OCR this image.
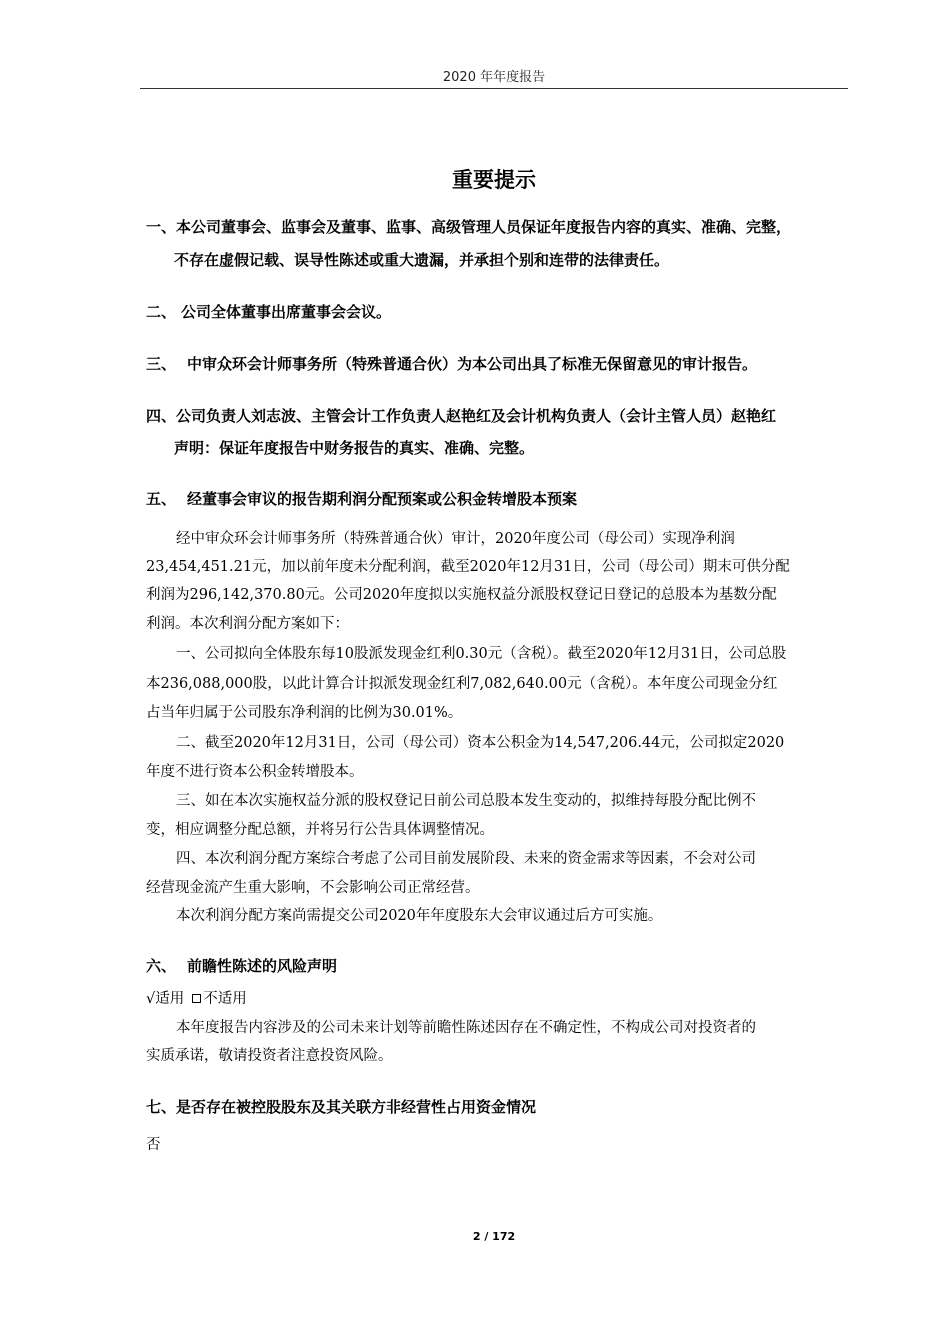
2020 年年度报告
重要提示
一、本公司董事会、监事会及董事、监事、高级管理人员保证年度报告内容的真实、准确、完整，
不存在虚假记载、误导性陈述或重大遗漏，并承担个别和连带的法律责任。
二、 公司全体董事出席董事会会议。
三、 中审众环会计师事务所（特殊普通合伙）为本公司出具了标准无保留意见的审计报告。
四、公司负责人刘志波、主管会计工作负责人赵艳红及会计机构负责人（会计主管人员）赵艳红
声明：保证年度报告中财务报告的真实、准确、完整。
五、 经董事会审议的报告期利润分配预案或公积金转增股本预案
经中审众环会计师事务所（特殊普通合伙）审计，2020年度公司（母公司）实现净利润
23,454,451.21元，加以前年度未分配利润，截至2020年12月31日，公司（母公司）期末可供分配
利润为296,142,370.80元。公司2020年度拟以实施权益分派股权登记日登记的总股本为基数分配
利润。本次利润分配方案如下：
一、公司拟向全体股东每10股派发现金红利0.30元（含税）。截至2020年12月31日，公司总股
本236,088,000股，以此计算合计拟派发现金红利7,082,640.00元（含税）。本年度公司现金分红
占当年归属于公司股东净利润的比例为30.01%。
二、截至2020年12月31日，公司（母公司）资本公积金为14,547,206.44元，公司拟定2020
年度不进行资本公积金转增股本。
三、如在本次实施权益分派的股权登记日前公司总股本发生变动的，拟维持每股分配比例不
变，相应调整分配总额，并将另行公告具体调整情况。
四、本次利润分配方案综合考虑了公司目前发展阶段、未来的资金需求等因素，不会对公司
经营现金流产生重大影响，不会影响公司正常经营。
本次利润分配方案尚需提交公司2020年年度股东大会审议通过后方可实施。
六、 前瞻性陈述的风险声明
√适用 不适用
本年度报告内容涉及的公司未来计划等前瞻性陈述因存在不确定性，不构成公司对投资者的
实质承诺，敬请投资者注意投资风险。
七、是否存在被控股股东及其关联方非经营性占用资金情况
否
2 / 172
